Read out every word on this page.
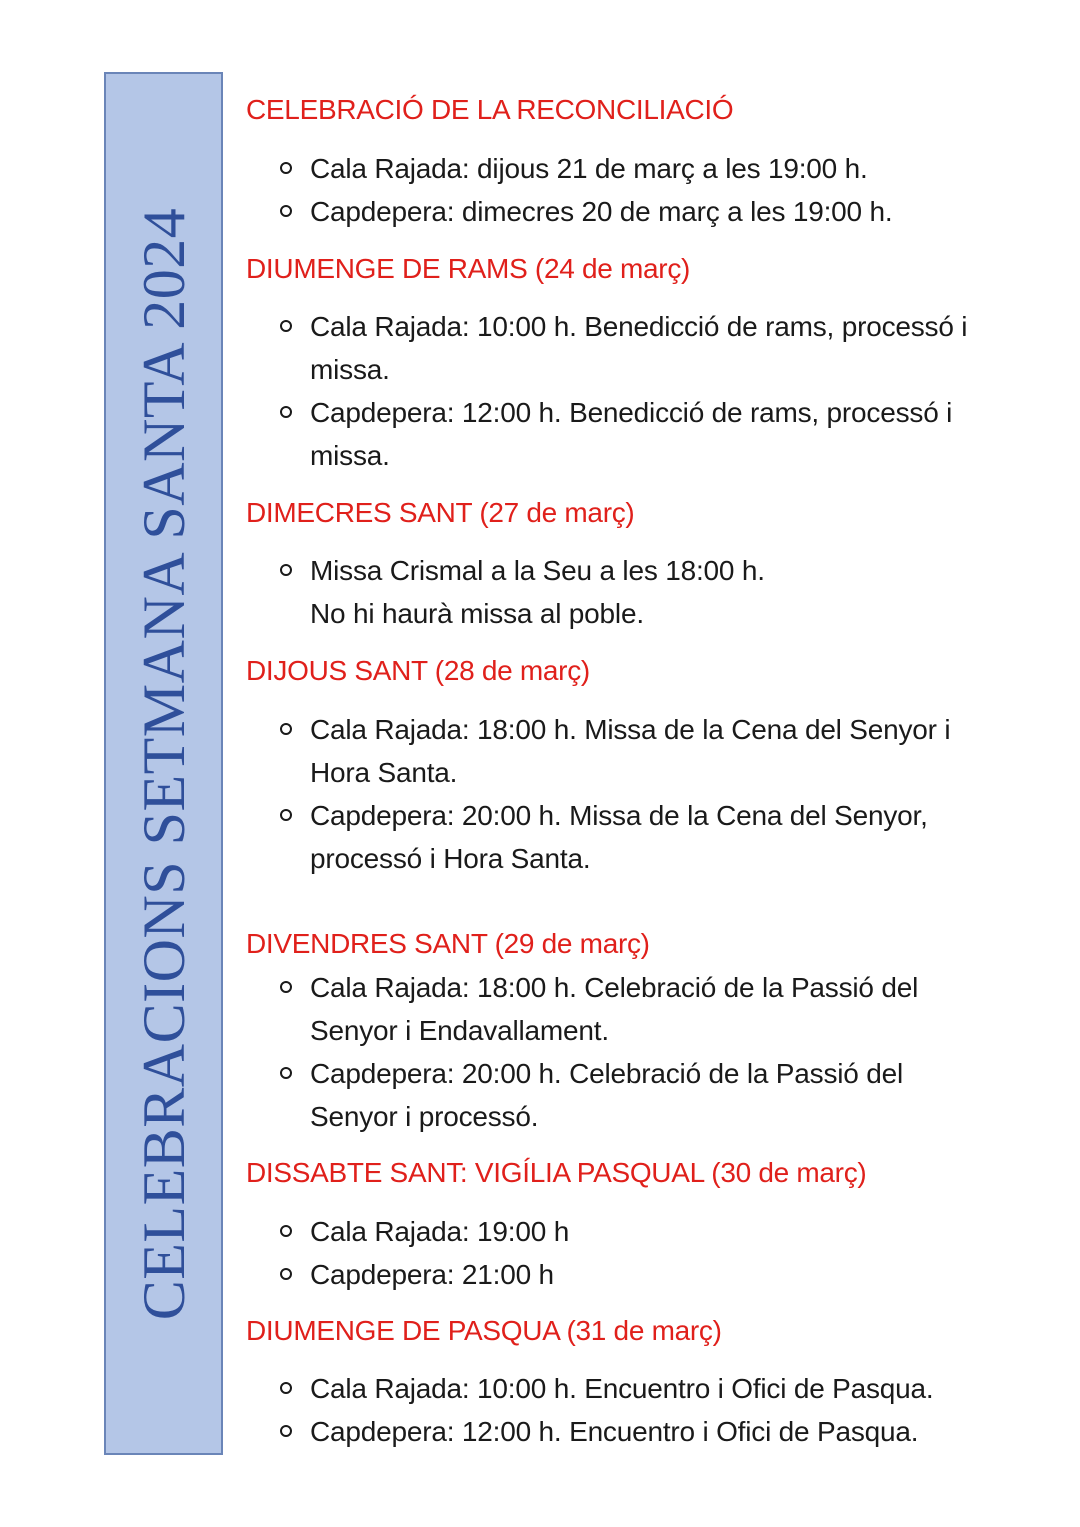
CELEBRACIONS SETMANA SANTA 2024
CELEBRACIÓ DE LA RECONCILIACIÓ
Cala Rajada: dijous 21 de març a les 19:00 h.
Capdepera: dimecres 20 de març a les 19:00 h.
DIUMENGE DE RAMS (24 de març)
Cala Rajada: 10:00 h. Benedicció de rams, processó i
missa.
Capdepera: 12:00 h. Benedicció de rams, processó i
missa.
DIMECRES SANT (27 de març)
Missa Crismal a la Seu a les 18:00 h.
No hi haurà missa al poble.
DIJOUS SANT (28 de març)
Cala Rajada: 18:00 h. Missa de la Cena del Senyor i
Hora Santa.
Capdepera: 20:00 h. Missa de la Cena del Senyor,
processó i Hora Santa.
DIVENDRES SANT (29 de març)
Cala Rajada: 18:00 h. Celebració de la Passió del
Senyor i Endavallament.
Capdepera: 20:00 h. Celebració de la Passió del
Senyor i processó.
DISSABTE SANT: VIGÍLIA PASQUAL (30 de març)
Cala Rajada: 19:00 h
Capdepera: 21:00 h
DIUMENGE DE PASQUA (31 de març)
Cala Rajada: 10:00 h. Encuentro i Ofici de Pasqua.
Capdepera: 12:00 h. Encuentro i Ofici de Pasqua.
